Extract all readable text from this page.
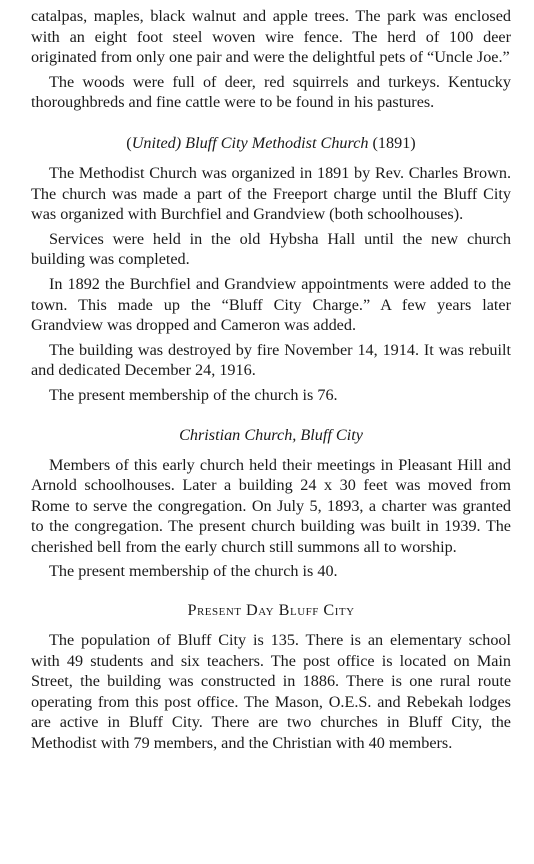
catalpas, maples, black walnut and apple trees. The park was enclosed with an eight foot steel woven wire fence. The herd of 100 deer originated from only one pair and were the delightful pets of “Uncle Joe.”

The woods were full of deer, red squirrels and turkeys. Kentucky thoroughbreds and fine cattle were to be found in his pastures.

(United) Bluff City Methodist Church (1891)

The Methodist Church was organized in 1891 by Rev. Charles Brown. The church was made a part of the Freeport charge until the Bluff City was organized with Burchfiel and Grandview (both schoolhouses).

Services were held in the old Hybsha Hall until the new church building was completed.

In 1892 the Burchfiel and Grandview appointments were added to the town. This made up the “Bluff City Charge.” A few years later Grandview was dropped and Cameron was added.

The building was destroyed by fire November 14, 1914. It was rebuilt and dedicated December 24, 1916.

The present membership of the church is 76.

Christian Church, Bluff City

Members of this early church held their meetings in Pleasant Hill and Arnold schoolhouses. Later a building 24 x 30 feet was moved from Rome to serve the congregation. On July 5, 1893, a charter was granted to the congregation. The present church building was built in 1939. The cherished bell from the early church still summons all to worship.

The present membership of the church is 40.

Present Day Bluff City

The population of Bluff City is 135. There is an elementary school with 49 students and six teachers. The post office is located on Main Street, the building was constructed in 1886. There is one rural route operating from this post office. The Mason, O.E.S. and Rebekah lodges are active in Bluff City. There are two churches in Bluff City, the Methodist with 79 members, and the Christian with 40 members.
